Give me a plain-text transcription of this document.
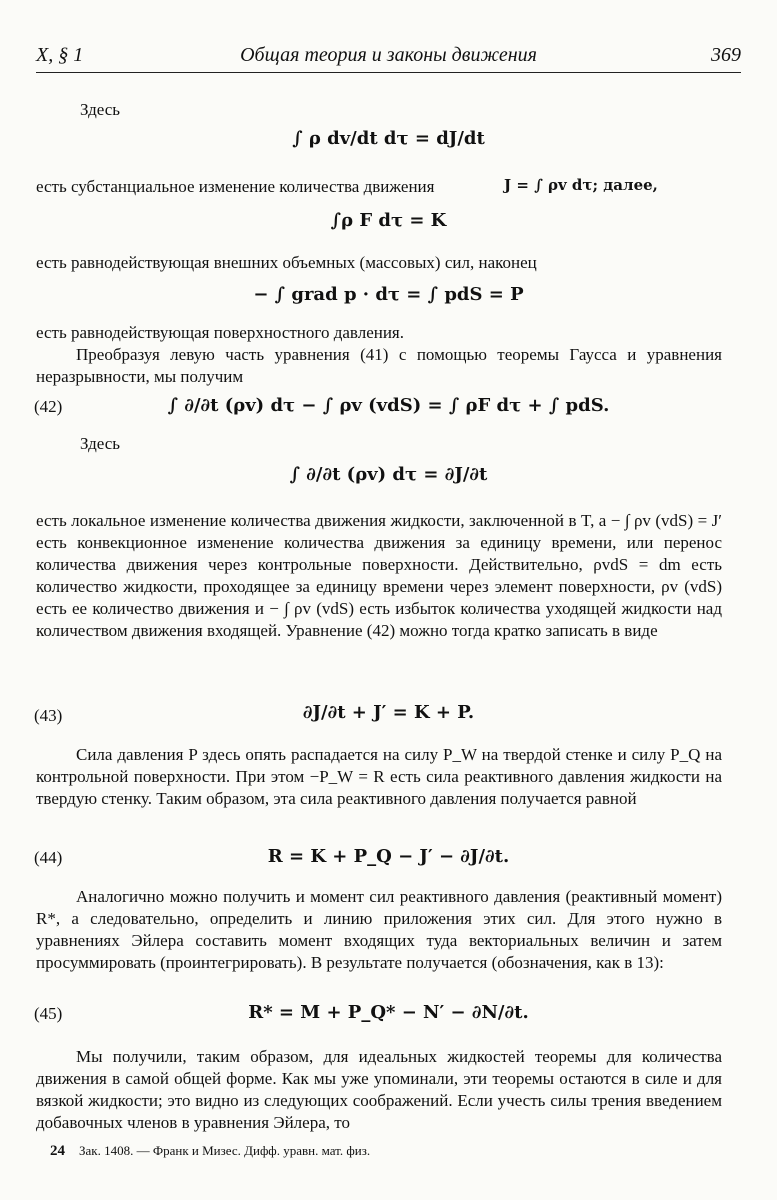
X, § 1	Общая теория и законы движения	369
Здесь
∫ ρ dv/dt dτ = dJ/dt
есть субстанциальное изменение количества движения	J = ∫ ρv dτ; далее,
∫ρ F dτ = K
есть равнодействующая внешних объемных (массовых) сил, наконец
− ∫ grad p · dτ = ∫ pdS = P
есть равнодействующая поверхностного давления.
Преобразуя левую часть уравнения (41) с помощью теоремы Гаусса и уравнения неразрывности, мы получим
(42)	∫ ∂/∂t (ρv) dτ − ∫ ρv (vdS) = ∫ ρF dτ + ∫ pdS.
Здесь
∫ ∂/∂t (ρv) dτ = ∂J/∂t
есть локальное изменение количества движения жидкости, заключенной в T, а − ∫ ρv (vdS) = J′ есть конвекционное изменение количества движения за единицу времени, или перенос количества движения через контрольные поверхности. Действительно, ρvdS = dm есть количество жидкости, проходящее за единицу времени через элемент поверхности, ρv (vdS) есть ее количество движения и − ∫ ρv (vdS) есть избыток количества уходящей жидкости над количеством движения входящей. Уравнение (42) можно тогда кратко записать в виде
(43)	∂J/∂t + J′ = K + P.
Сила давления P здесь опять распадается на силу P_W на твердой стенке и силу P_Q на контрольной поверхности. При этом −P_W = R есть сила реактивного давления жидкости на твердую стенку. Таким образом, эта сила реактивного давления получается равной
(44)	R = K + P_Q − J′ − ∂J/∂t.
Аналогично можно получить и момент сил реактивного давления (реактивный момент) R*, а следовательно, определить и линию приложения этих сил. Для этого нужно в уравнениях Эйлера составить момент входящих туда векториальных величин и затем просуммировать (проинтегрировать). В результате получается (обозначения, как в 13):
(45)	R* = M + P_Q* − N′ − ∂N/∂t.
Мы получили, таким образом, для идеальных жидкостей теоремы для количества движения в самой общей форме. Как мы уже упоминали, эти теоремы остаются в силе и для вязкой жидкости; это видно из следующих соображений. Если учесть силы трения введением добавочных членов в уравнения Эйлера, то
24 Зак. 1408. — Франк и Мизес. Дифф. уравн. мат. физ.
